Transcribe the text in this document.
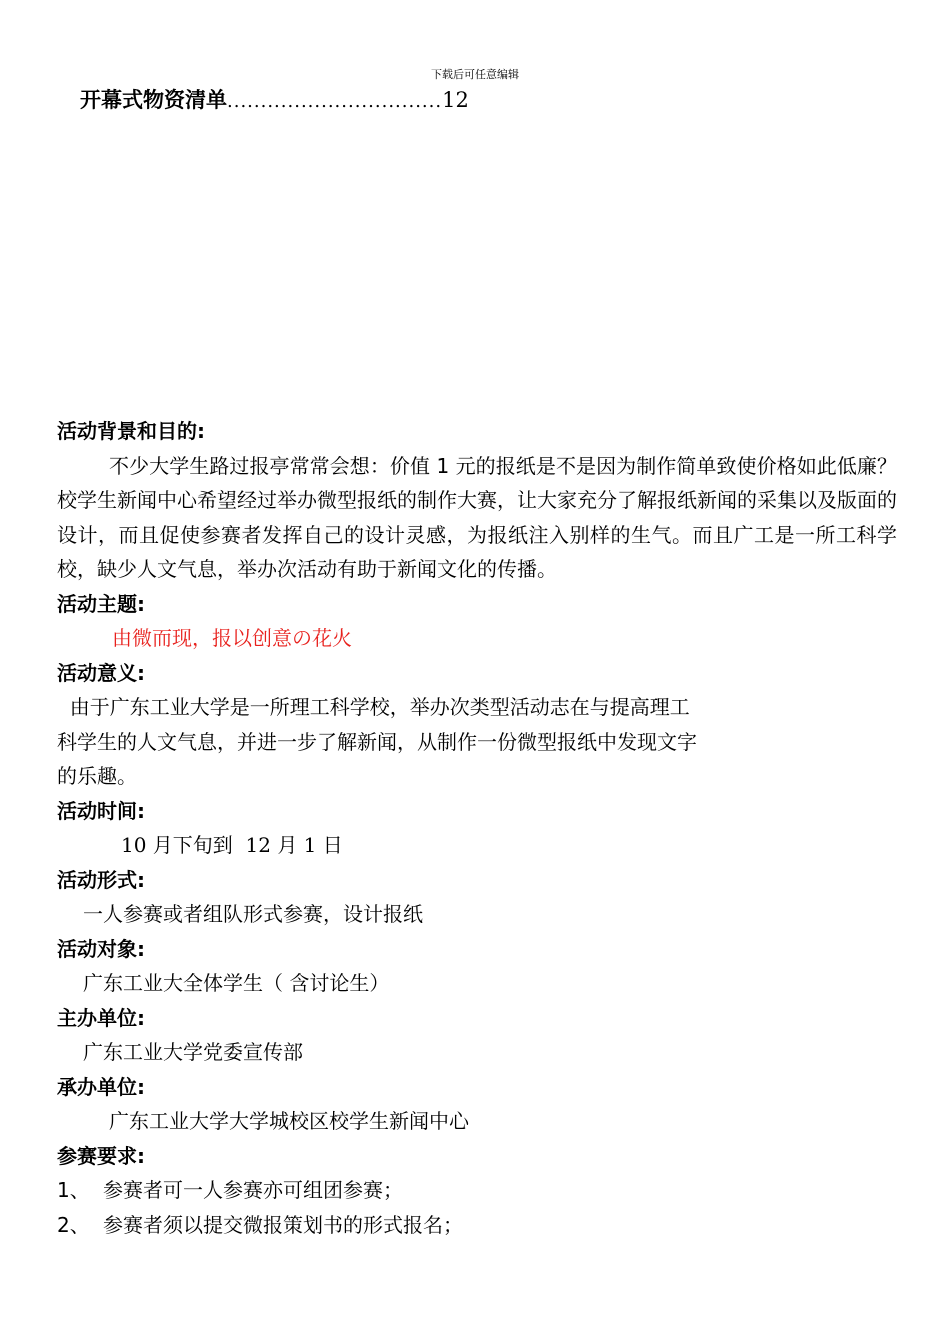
下载后可任意编辑
开幕式物资清单................................12

活动背景和目的:

不少大学生路过报亭常常会想：价值 1 元的报纸是不是因为制作简单致使价格如此低廉？校学生新闻中心希望经过举办微型报纸的制作大赛，让大家充分了解报纸新闻的采集以及版面的设计，而且促使参赛者发挥自己的设计灵感，为报纸注入别样的生气。而且广工是一所工科学校，缺少人文气息，举办次活动有助于新闻文化的传播。

活动主题:

由微而现，报以创意の花火

活动意义:

由于广东工业大学是一所理工科学校，举办次类型活动志在与提高理工
科学生的人文气息，并进一步了解新闻，从制作一份微型报纸中发现文字
的乐趣。

活动时间:

10 月下旬到  12 月 1 日

活动形式:

一人参赛或者组队形式参赛，设计报纸

活动对象:

广东工业大全体学生（ 含讨论生）

主办单位:

广东工业大学党委宣传部

承办单位:

广东工业大学大学城校区校学生新闻中心

参赛要求:

1、 参赛者可一人参赛亦可组团参赛；

2、 参赛者须以提交微报策划书的形式报名；
